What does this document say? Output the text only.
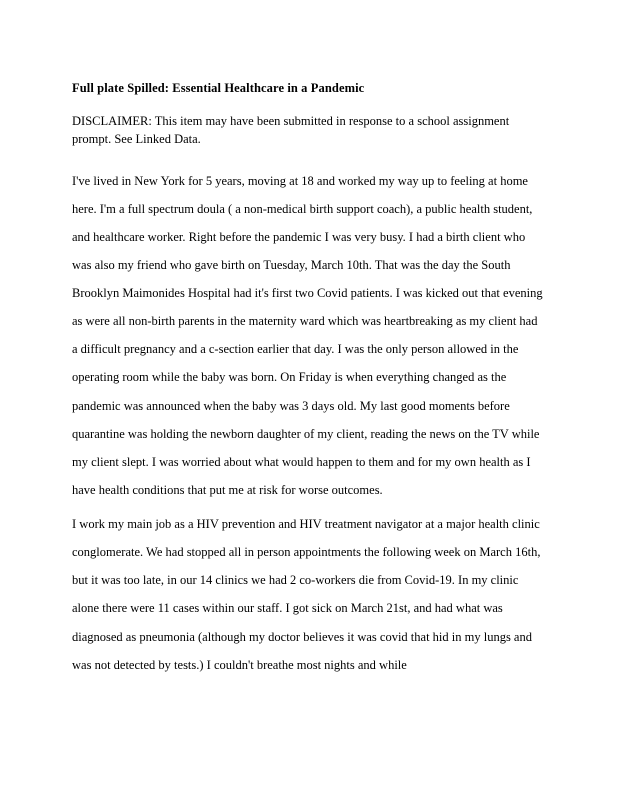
Full plate Spilled: Essential Healthcare in a Pandemic

DISCLAIMER: This item may have been submitted in response to a school assignment prompt. See Linked Data.

I've lived in New York for 5 years, moving at 18 and worked my way up to feeling at home here. I'm a full spectrum doula ( a non-medical birth support coach), a public health student, and healthcare worker. Right before the pandemic I was very busy. I had a birth client who was also my friend who gave birth on Tuesday, March 10th. That was the day the South Brooklyn Maimonides Hospital had it's first two Covid patients. I was kicked out that evening as were all non-birth parents in the maternity ward which was heartbreaking as my client had a difficult pregnancy and a c-section earlier that day. I was the only person allowed in the operating room while the baby was born. On Friday is when everything changed as the pandemic was announced when the baby was 3 days old. My last good moments before quarantine was holding the newborn daughter of my client, reading the news on the TV while my client slept. I was worried about what would happen to them and for my own health as I have health conditions that put me at risk for worse outcomes.

I work my main job as a HIV prevention and HIV treatment navigator at a major health clinic conglomerate. We had stopped all in person appointments the following week on March 16th, but it was too late, in our 14 clinics we had 2 co-workers die from Covid-19. In my clinic alone there were 11 cases within our staff. I got sick on March 21st, and had what was diagnosed as pneumonia (although my doctor believes it was covid that hid in my lungs and was not detected by tests.) I couldn't breathe most nights and while
